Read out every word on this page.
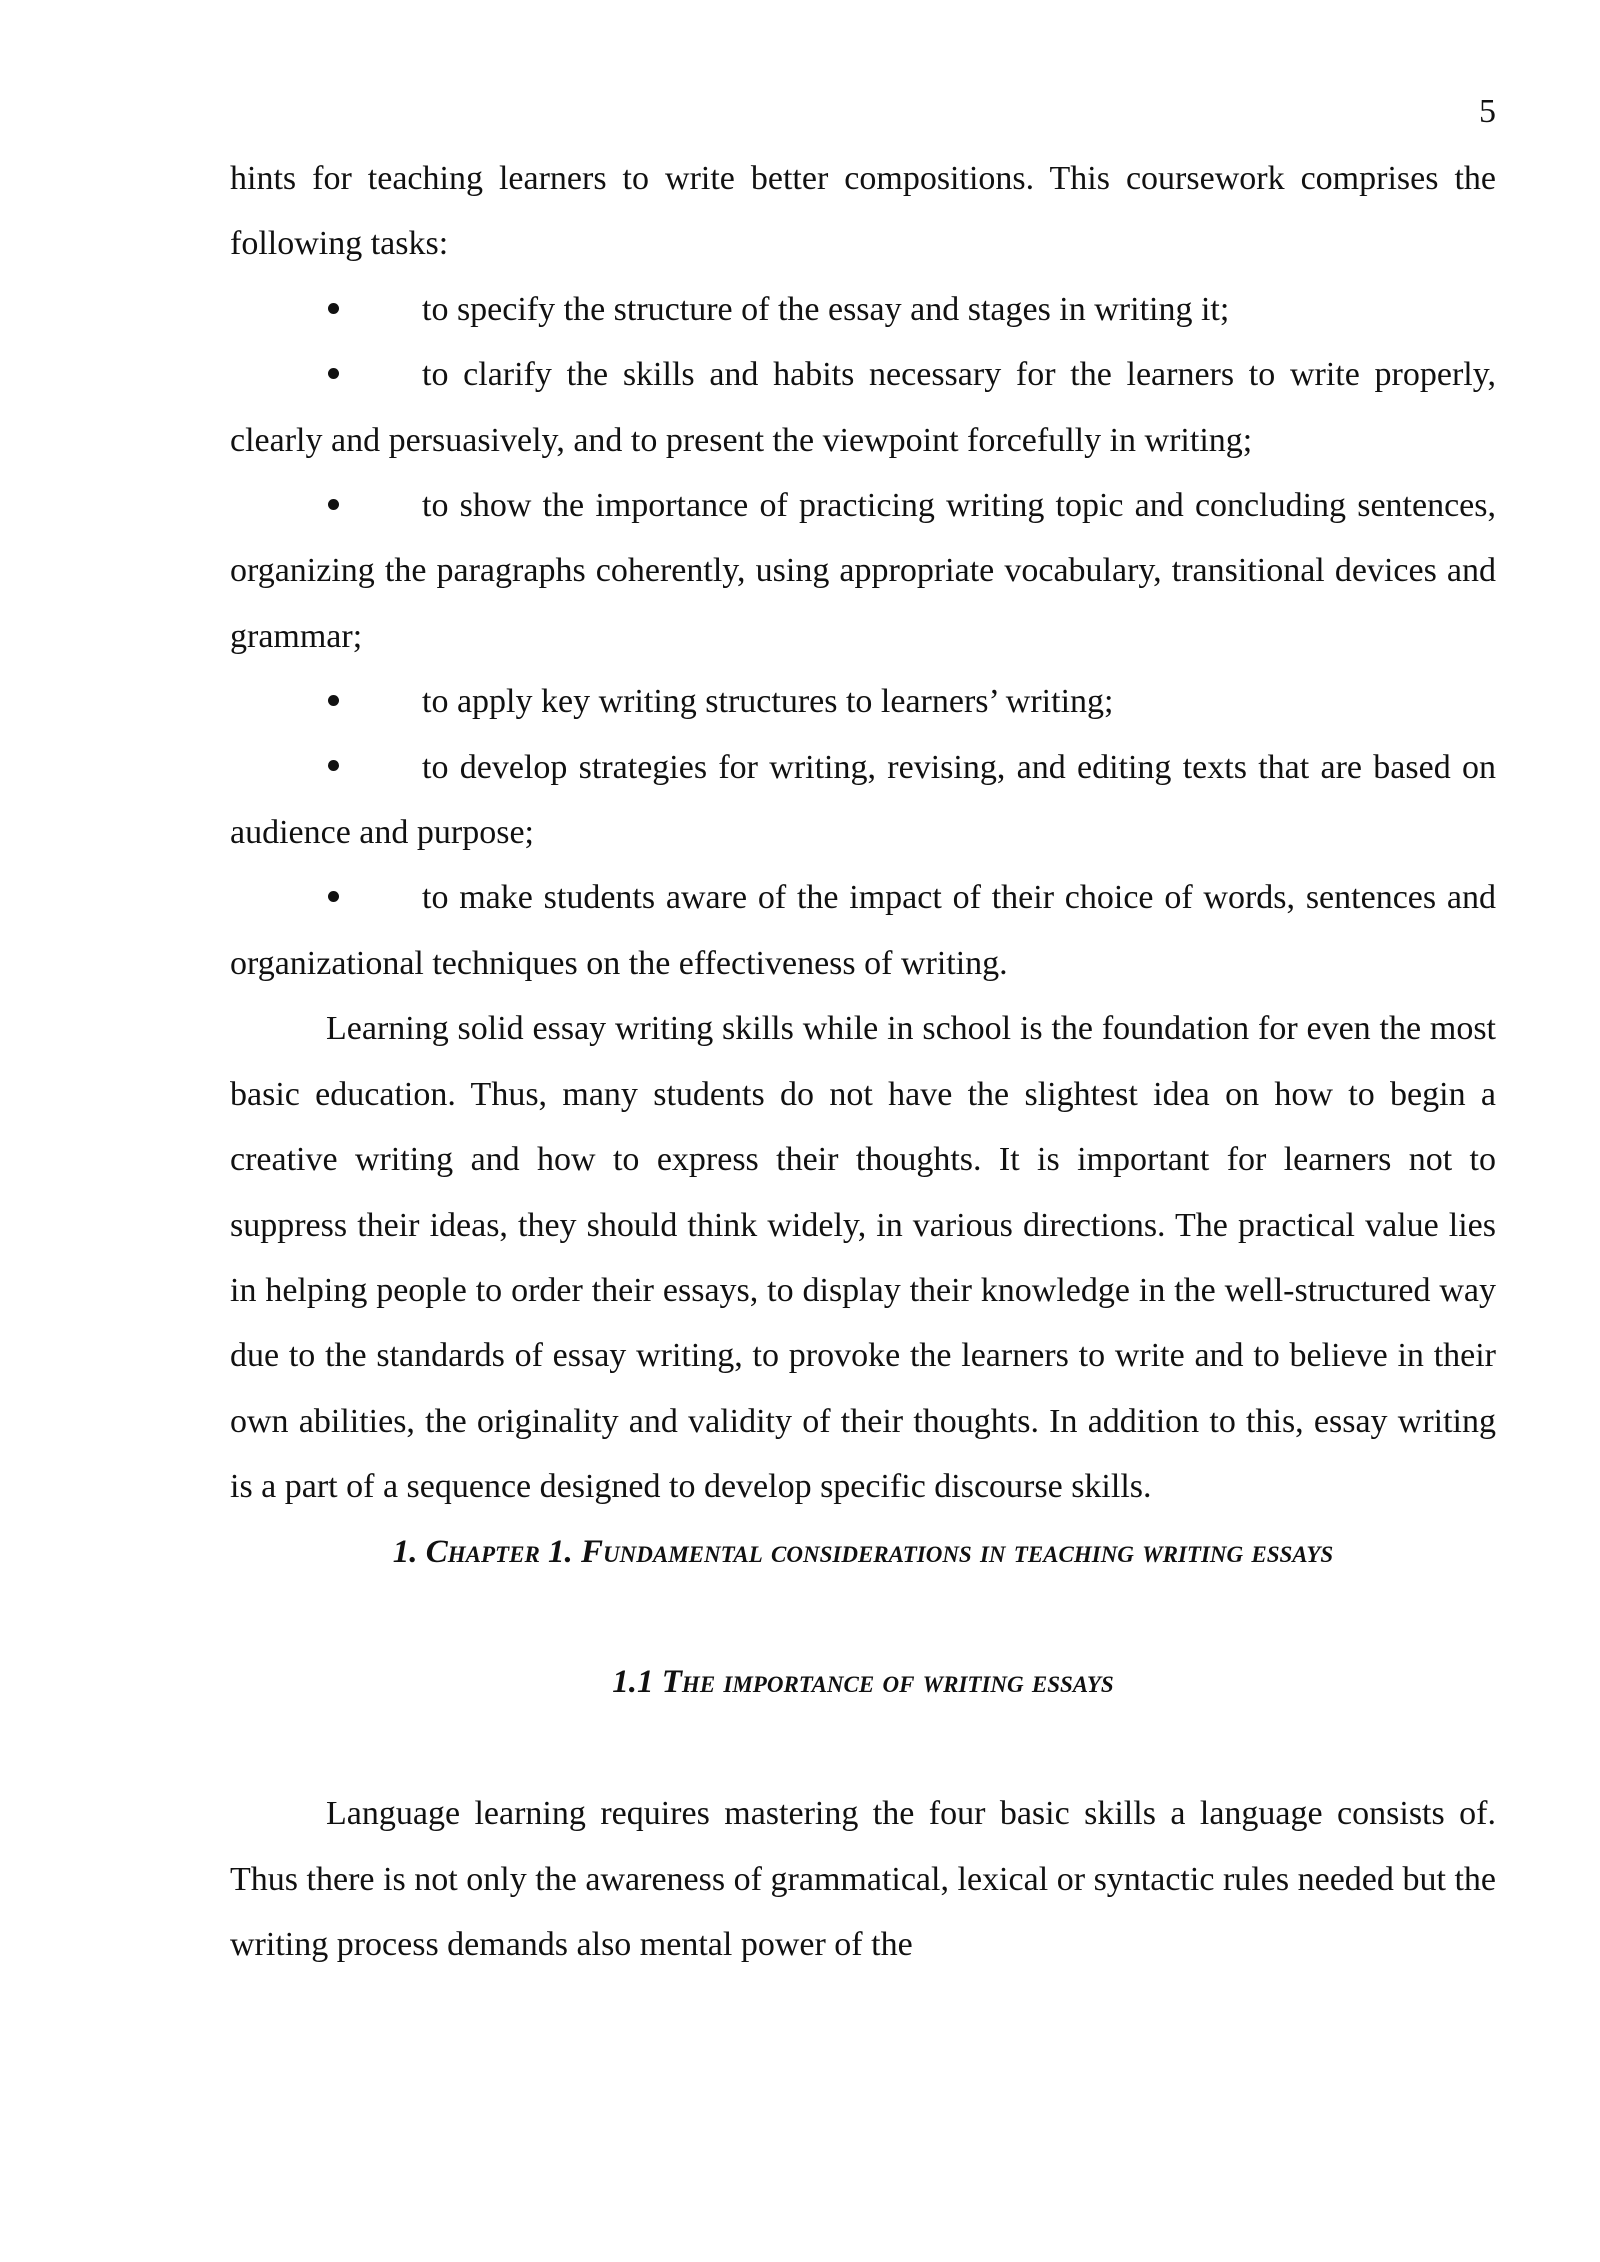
5

hints for teaching learners to write better compositions. This coursework comprises the following tasks:

to specify the structure of the essay and stages in writing it;

to clarify the skills and habits necessary for the learners to write properly, clearly and persuasively, and to present the viewpoint forcefully in writing;

to show the importance of practicing writing topic and concluding sentences, organizing the paragraphs coherently, using appropriate vocabulary, transitional devices and grammar;

to apply key writing structures to learners’ writing;

to develop strategies for writing, revising, and editing texts that are based on audience and purpose;

to make students aware of the impact of their choice of words, sentences and organizational techniques on the effectiveness of writing.

Learning solid essay writing skills while in school is the foundation for even the most basic education. Thus, many students do not have the slightest idea on how to begin a creative writing and how to express their thoughts. It is important for learners not to suppress their ideas, they should think widely, in various directions. The practical value lies in helping people to order their essays, to display their knowledge in the well-structured way due to the standards of essay writing, to provoke the learners to write and to believe in their own abilities, the originality and validity of their thoughts. In addition to this, essay writing is a part of a sequence designed to develop specific discourse skills.

1. Chapter 1. Fundamental considerations in teaching writing essays
1.1 The importance of writing essays

Language learning requires mastering the four basic skills a language consists of. Thus there is not only the awareness of grammatical, lexical or syntactic rules needed but the writing process demands also mental power of the
